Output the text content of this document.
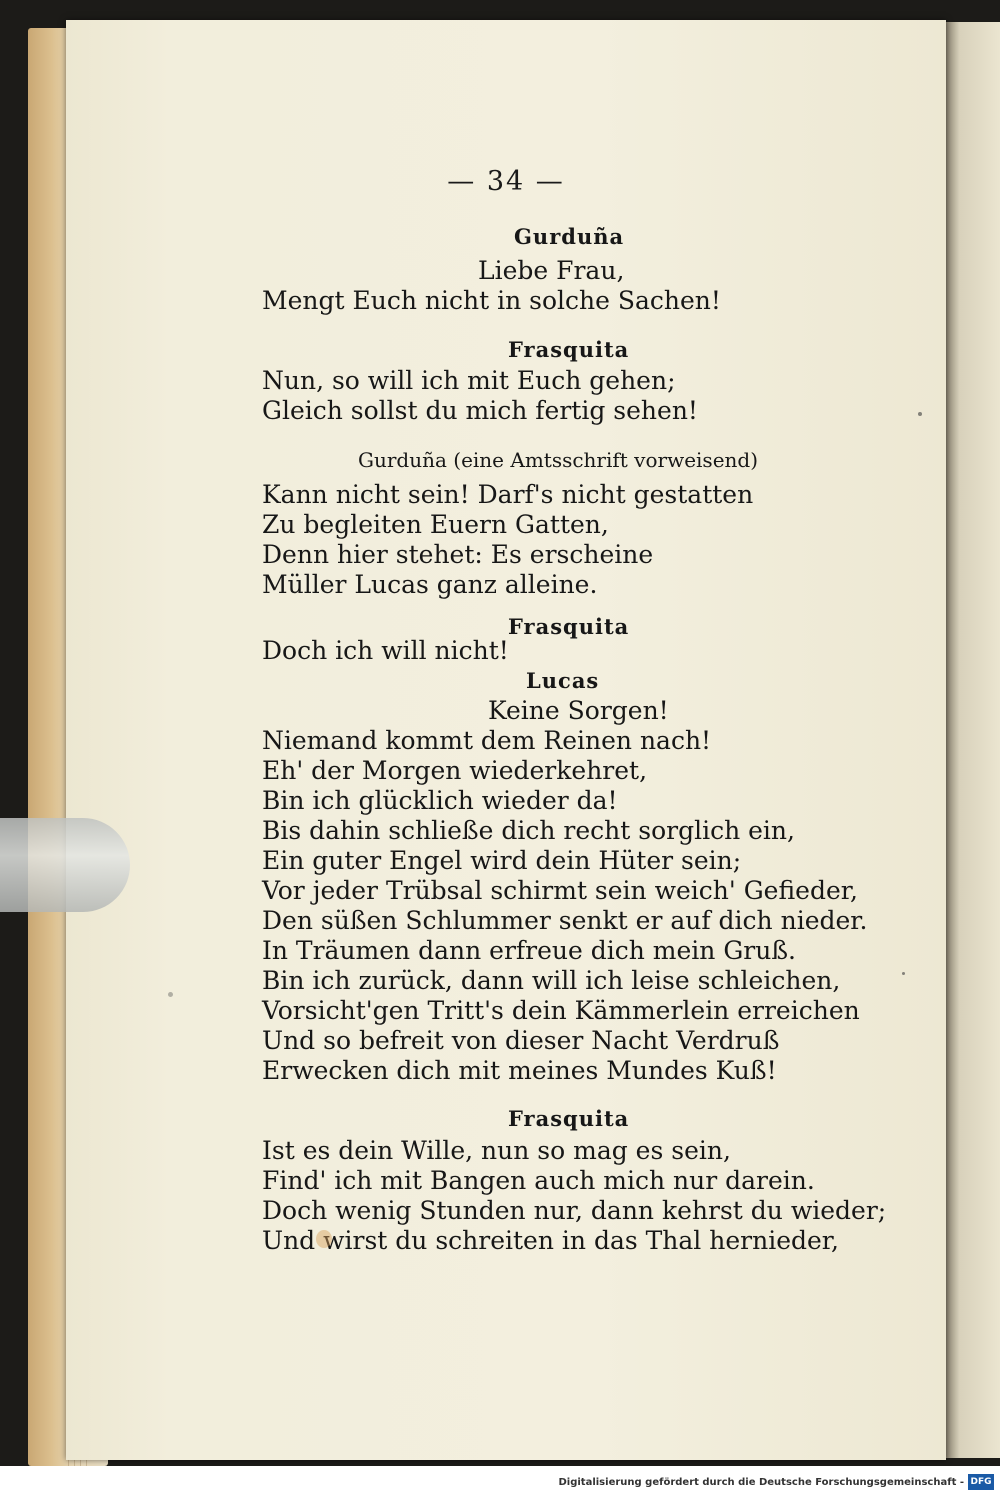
— 34 —
Gurduña
Liebe Frau,
Mengt Euch nicht in solche Sachen!
Frasquita
Nun, so will ich mit Euch gehen;
Gleich sollst du mich fertig sehen!
Gurduña (eine Amtsschrift vorweisend)
Kann nicht sein! Darf's nicht gestatten
Zu begleiten Euern Gatten,
Denn hier stehet: Es erscheine
Müller Lucas ganz alleine.
Frasquita
Doch ich will nicht!
Lucas
Keine Sorgen!
Niemand kommt dem Reinen nach!
Eh' der Morgen wiederkehret,
Bin ich glücklich wieder da!
Bis dahin schließe dich recht sorglich ein,
Ein guter Engel wird dein Hüter sein;
Vor jeder Trübsal schirmt sein weich' Gefieder,
Den süßen Schlummer senkt er auf dich nieder.
In Träumen dann erfreue dich mein Gruß.
Bin ich zurück, dann will ich leise schleichen,
Vorsicht'gen Tritt's dein Kämmerlein erreichen
Und so befreit von dieser Nacht Verdruß
Erwecken dich mit meines Mundes Kuß!
Frasquita
Ist es dein Wille, nun so mag es sein,
Find' ich mit Bangen auch mich nur darein.
Doch wenig Stunden nur, dann kehrst du wieder;
Und wirst du schreiten in das Thal hernieder,
Digitalisierung gefördert durch die Deutsche Forschungsgemeinschaft - DFG
